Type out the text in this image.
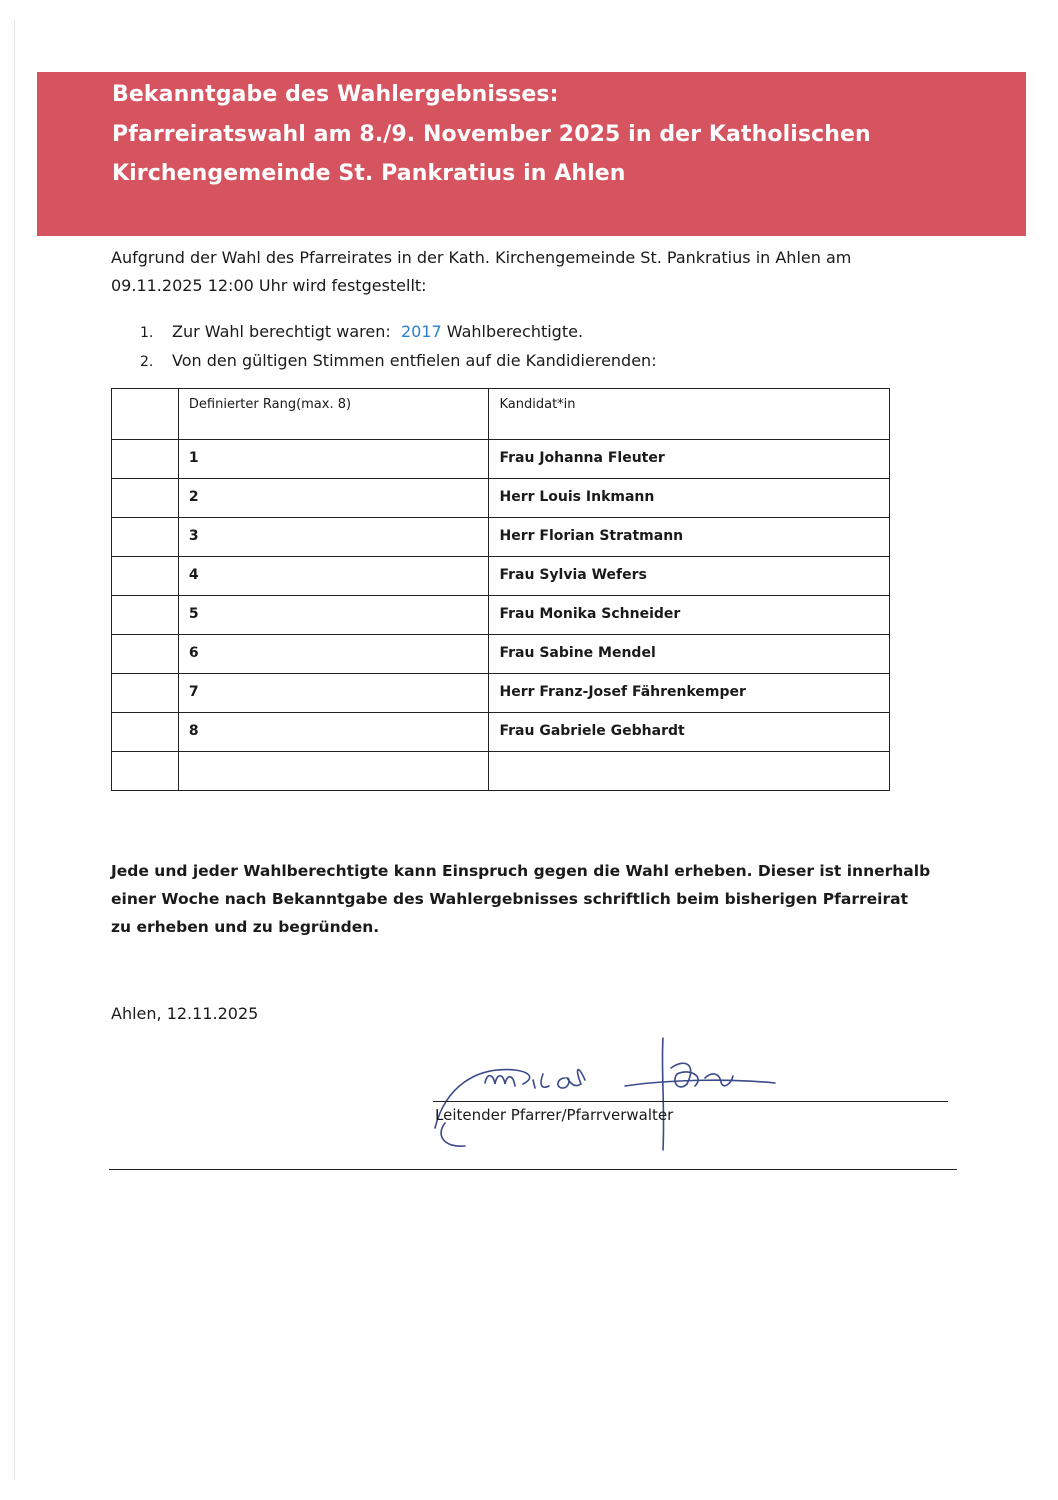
Bekanntgabe des Wahlergebnisses:
Pfarreiratswahl am 8./9. November 2025 in der Katholischen
Kirchengemeinde St. Pankratius in Ahlen
Aufgrund der Wahl des Pfarreirates in der Kath. Kirchengemeinde St. Pankratius in Ahlen am 09.11.2025 12:00 Uhr wird festgestellt:
1. Zur Wahl berechtigt waren: 2017 Wahlberechtigte.
2. Von den gültigen Stimmen entfielen auf die Kandidierenden:
	Definierter Rang(max. 8)	Kandidat*in
	1	Frau Johanna Fleuter
	2	Herr Louis Inkmann
	3	Herr Florian Stratmann
	4	Frau Sylvia Wefers
	5	Frau Monika Schneider
	6	Frau Sabine Mendel
	7	Herr Franz-Josef Fährenkemper
	8	Frau Gabriele Gebhardt

Jede und jeder Wahlberechtigte kann Einspruch gegen die Wahl erheben. Dieser ist innerhalb einer Woche nach Bekanntgabe des Wahlergebnisses schriftlich beim bisherigen Pfarreirat zu erheben und zu begründen.
Ahlen, 12.11.2025
Leitender Pfarrer/Pfarrverwalter
